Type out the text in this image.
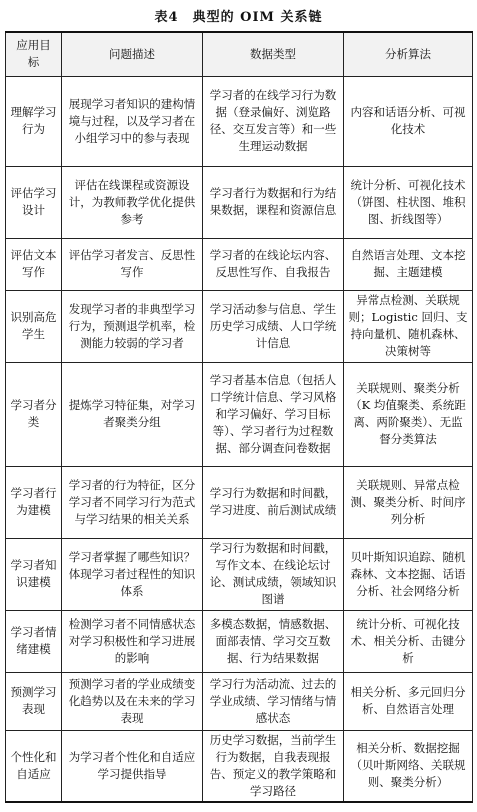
表4　典型的 OIM 关系链
应用目标	问题描述	数据类型	分析算法
理解学习行为	展现学习者知识的建构情境与过程，以及学习者在小组学习中的参与表现	学习者的在线学习行为数据（登录偏好、浏览路径、交互发言等）和一些生理运动数据	内容和话语分析、可视化技术
评估学习设计	评估在线课程或资源设计，为教师教学优化提供参考	学习者行为数据和行为结果数据，课程和资源信息	统计分析、可视化技术（饼图、柱状图、堆积图、折线图等）
评估文本写作	评估学习者发言、反思性写作	学习者的在线论坛内容、反思性写作、自我报告	自然语言处理、文本挖掘、主题建模
识别高危学生	发现学习者的非典型学习行为，预测退学机率，检测能力较弱的学习者	学习活动参与信息、学生历史学习成绩、人口学统计信息	异常点检测、关联规则；Logistic 回归、支持向量机、随机森林、决策树等
学习者分类	提炼学习特征集，对学习者聚类分组	学习者基本信息（包括人口学统计信息、学习风格和学习偏好、学习目标等）、学习者行为过程数据、部分调查问卷数据	关联规则、聚类分析（K 均值聚类、系统距离、两阶聚类）、无监督分类算法
学习者行为建模	学习者的行为特征，区分学习者不同学习行为范式与学习结果的相关关系	学习行为数据和时间戳，学习进度、前后测试成绩	关联规则、异常点检测、聚类分析、时间序列分析
学习者知识建模	学习者掌握了哪些知识？体现学习者过程性的知识体系	学习行为数据和时间戳，写作文本、在线论坛讨论、测试成绩，领域知识图谱	贝叶斯知识追踪、随机森林、文本挖掘、话语分析、社会网络分析
学习者情绪建模	检测学习者不同情感状态对学习积极性和学习进展的影响	多模态数据，情感数据、面部表情、学习交互数据、行为结果数据	统计分析、可视化技术、相关分析、击键分析
预测学习表现	预测学习者的学业成绩变化趋势以及在未来的学习表现	学习行为活动流、过去的学业成绩、学习情绪与情感状态	相关分析、多元回归分析、自然语言处理
个性化和自适应	为学习者个性化和自适应学习提供指导	历史学习数据，当前学生行为数据，自我表现报告、预定义的教学策略和学习路径	相关分析、数据挖掘（贝叶斯网络、关联规则、聚类分析）
